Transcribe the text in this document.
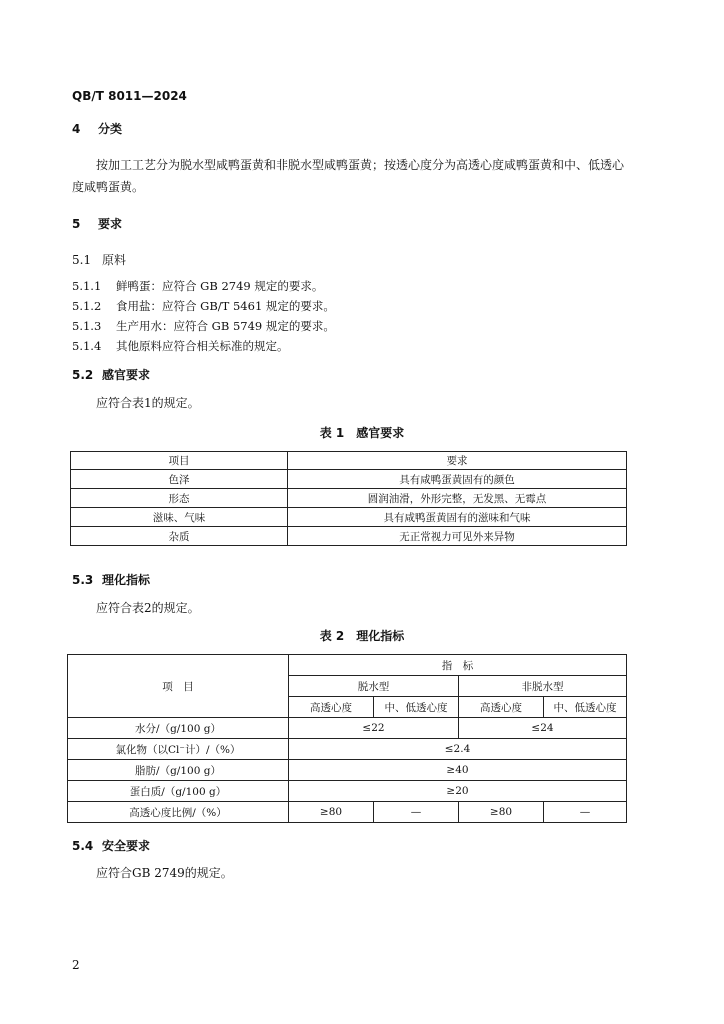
QB/T 8011—2024
4 分类
按加工工艺分为脱水型咸鸭蛋黄和非脱水型咸鸭蛋黄；按透心度分为高透心度咸鸭蛋黄和中、低透心度咸鸭蛋黄。
5 要求
5.1 原料
5.1.1 鲜鸭蛋：应符合 GB 2749 规定的要求。
5.1.2 食用盐：应符合 GB/T 5461 规定的要求。
5.1.3 生产用水：应符合 GB 5749 规定的要求。
5.1.4 其他原料应符合相关标准的规定。
5.2 感官要求
应符合表1的规定。
表 1　感官要求
项目	要求
色泽	具有咸鸭蛋黄固有的颜色
形态	圆润油滑，外形完整，无发黑、无霉点
滋味、气味	具有咸鸭蛋黄固有的滋味和气味
杂质	无正常视力可见外来异物
5.3 理化指标
应符合表2的规定。
表 2　理化指标
项　目	指　标			
	脱水型		非脱水型	
	高透心度	中、低透心度	高透心度	中、低透心度
水分/（g/100 g）	≤22		≤24	
氯化物（以Cl⁻计）/（%）	≤2.4			
脂肪/（g/100 g）	≥40			
蛋白质/（g/100 g）	≥20			
高透心度比例/（%）	≥80	—	≥80	—
5.4 安全要求
应符合GB 2749的规定。
2
